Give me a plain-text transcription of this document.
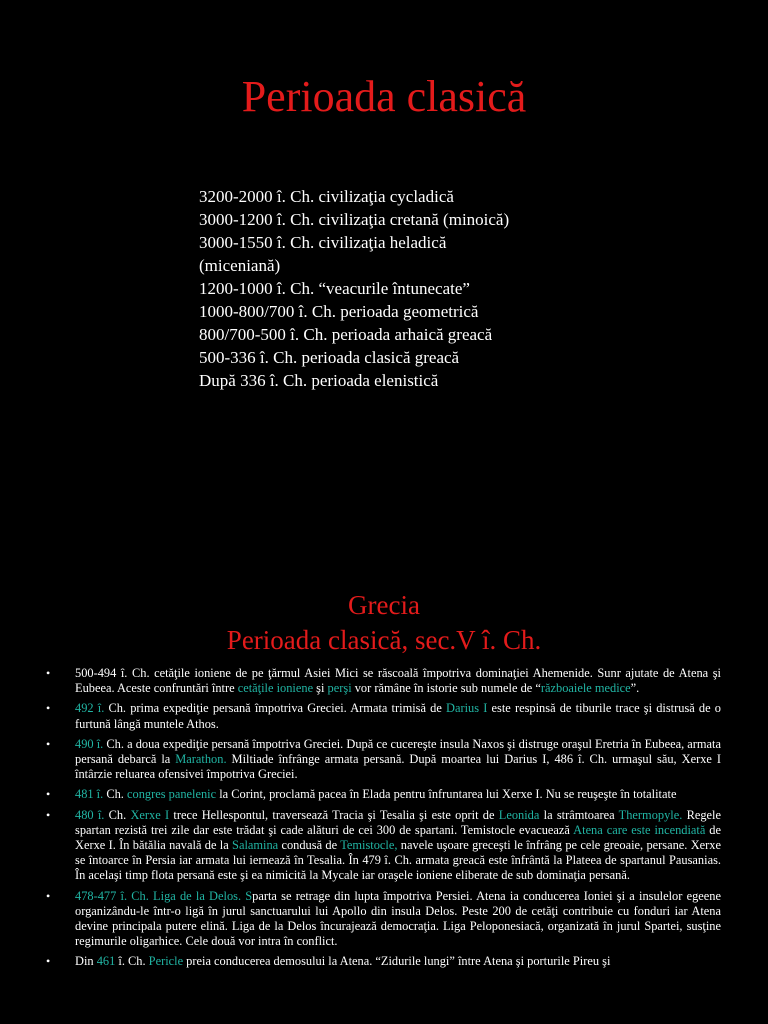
Perioada clasică
3200-2000 î. Ch. civilizaţia cycladică
3000-1200 î. Ch. civilizaţia cretană (minoică)
3000-1550 î. Ch. civilizaţia heladică
(miceniană)
1200-1000 î. Ch. “veacurile întunecate”
1000-800/700 î. Ch. perioada geometrică
800/700-500 î. Ch. perioada arhaică greacă
500-336 î. Ch. perioada clasică greacă
După 336 î. Ch. perioada elenistică
Grecia
Perioada clasică, sec.V î. Ch.
• 500-494 î. Ch. cetăţile ioniene de pe ţărmul Asiei Mici se răscoală împotriva dominaţiei Ahemenide. Sunr ajutate de Atena şi Eubeea. Aceste confruntări între cetăţile ioniene şi perşi vor rămâne în istorie sub numele de “războaiele medice”.
• 492 î. Ch. prima expediţie persană împotriva Greciei. Armata trimisă de Darius I este respinsă de tiburile trace şi distrusă de o furtună lângă muntele Athos.
• 490 î. Ch. a doua expediţie persană împotriva Greciei. După ce cucereşte insula Naxos şi distruge oraşul Eretria în Eubeea, armata persană debarcă la Marathon. Miltiade înfrânge armata persană. După moartea lui Darius I, 486 î. Ch. urmaşul său, Xerxe I întârzie reluarea ofensivei împotriva Greciei.
• 481 î. Ch. congres panelenic la Corint, proclamă pacea în Elada pentru înfruntarea lui Xerxe I. Nu se reuşeşte în totalitate
• 480 î. Ch. Xerxe I trece Hellespontul, traversează Tracia şi Tesalia şi este oprit de Leonida la strâmtoarea Thermopyle. Regele spartan rezistă trei zile dar este trădat şi cade alături de cei 300 de spartani. Temistocle evacuează Atena care este incendiată de Xerxe I. În bătălia navală de la Salamina condusă de Temistocle, navele uşoare greceşti le înfrâng pe cele greoaie, persane. Xerxe se întoarce în Persia iar armata lui iernează în Tesalia. În 479 î. Ch. armata greacă este înfrântă la Plateea de spartanul Pausanias. În acelaşi timp flota persană este şi ea nimicită la Mycale iar oraşele ioniene eliberate de sub dominaţia persană.
• 478-477 î. Ch. Liga de la Delos. Sparta se retrage din lupta împotriva Persiei. Atena ia conducerea Ioniei şi a insulelor egeene organizându-le într-o ligă în jurul sanctuarului lui Apollo din insula Delos. Peste 200 de cetăţi contribuie cu fonduri iar Atena devine principala putere elină. Liga de la Delos încurajează democraţia. Liga Peloponesiacă, organizată în jurul Spartei, susţine regimurile oligarhice. Cele două vor intra în conflict.
• Din 461 î. Ch. Pericle preia conducerea demosului la Atena. “Zidurile lungi” între Atena şi porturile Pireu şi
